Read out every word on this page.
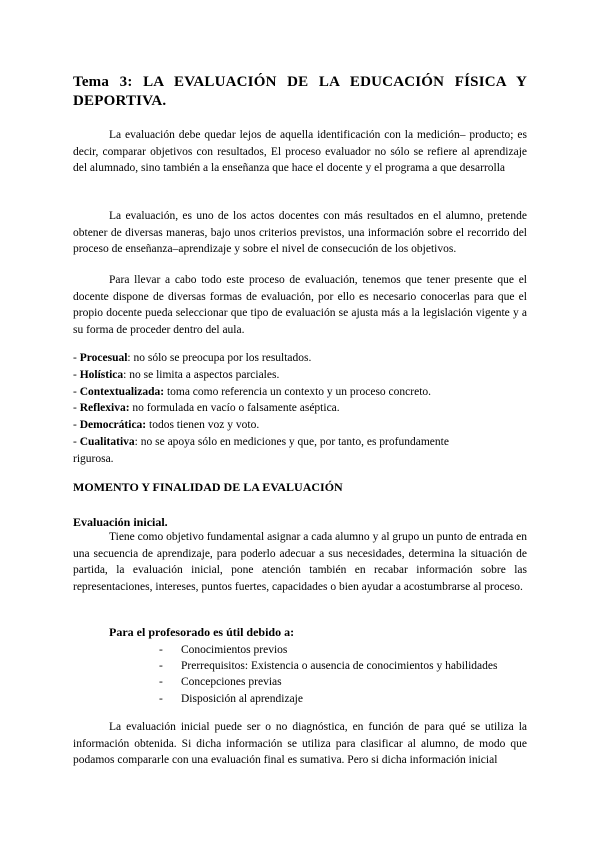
Tema 3: LA EVALUACIÓN DE LA EDUCACIÓN FÍSICA Y DEPORTIVA.
La evaluación debe quedar lejos de aquella identificación con la medición– producto; es decir, comparar objetivos con resultados, El proceso evaluador no sólo se refiere al aprendizaje del alumnado, sino también a la enseñanza que hace el docente y el programa a que desarrolla
La evaluación, es uno de los actos docentes con más resultados en el alumno, pretende obtener de diversas maneras, bajo unos criterios previstos, una información sobre el recorrido del proceso de enseñanza–aprendizaje y sobre el nivel de consecución de los objetivos.
Para llevar a cabo todo este proceso de evaluación, tenemos que tener presente que el docente dispone de diversas formas de evaluación, por ello es necesario conocerlas para que el propio docente pueda seleccionar que tipo de evaluación se ajusta más a la legislación vigente y a su forma de proceder dentro del aula.
- Procesual: no sólo se preocupa por los resultados.
- Holística: no se limita a aspectos parciales.
- Contextualizada: toma como referencia un contexto y un proceso concreto.
- Reflexiva: no formulada en vacío o falsamente aséptica.
- Democrática: todos tienen voz y voto.
- Cualitativa: no se apoya sólo en mediciones y que, por tanto, es profundamente rigurosa.
MOMENTO Y FINALIDAD DE LA EVALUACIÓN
Evaluación inicial.
Tiene como objetivo fundamental asignar a cada alumno y al grupo un punto de entrada en una secuencia de aprendizaje, para poderlo adecuar a sus necesidades, determina la situación de partida, la evaluación inicial, pone atención también en recabar información sobre las representaciones, intereses, puntos fuertes, capacidades o bien ayudar a acostumbrarse al proceso.
Para el profesorado es útil debido a:
-	Conocimientos previos
-	Prerrequisitos: Existencia o ausencia de conocimientos y habilidades
-	Concepciones previas
-	Disposición al aprendizaje
La evaluación inicial puede ser o no diagnóstica, en función de para qué se utiliza la información obtenida. Si dicha información se utiliza para clasificar al alumno, de modo que podamos compararle con una evaluación final es sumativa. Pero si dicha información inicial
